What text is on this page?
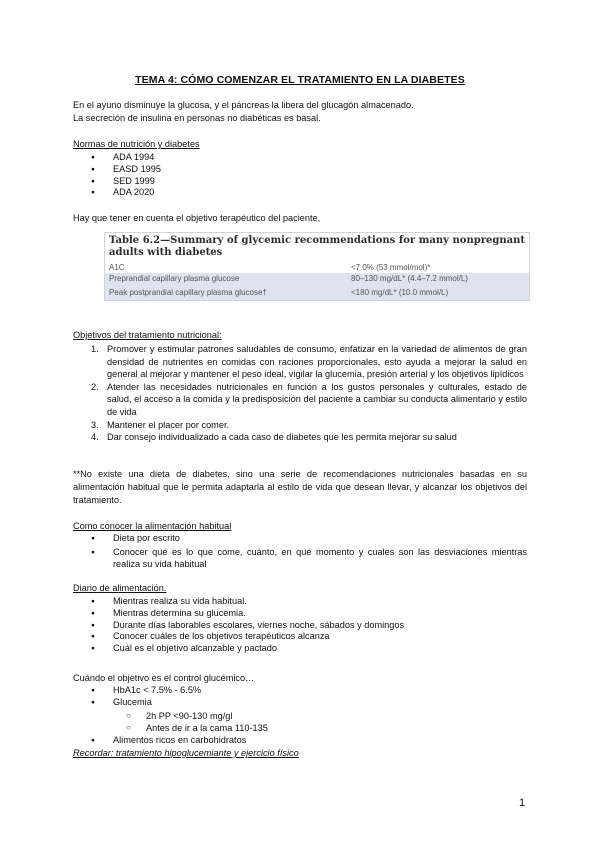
TEMA 4: CÓMO COMENZAR EL TRATAMIENTO EN LA DIABETES
En el ayuno disminuye la glucosa, y el páncreas la libera del glucagón almacenado.
La secreción de insulina en personas no diabéticas es basal.
Normas de nutrición y diabetes
● ADA 1994
● EASD 1995
● SED 1999
● ADA 2020
Hay que tener en cuenta el objetivo terapéutico del paciente,
Table 6.2—Summary of glycemic recommendations for many nonpregnant adults with diabetes
A1C	<7.0% (53 mmol/mol)*
Preprandial capillary plasma glucose	80–130 mg/dL* (4.4–7.2 mmol/L)
Peak postprandial capillary plasma glucose†	<180 mg/dL* (10.0 mmol/L)
Objetivos del tratamiento nutricional:
1. Promover y estimular patrones saludables de consumo, enfatizar en la variedad de alimentos de gran densidad de nutrientes en comidas con raciones proporcionales, esto ayuda a mejorar la salud en general al mejorar y mantener el peso ideal, vigilar la glucemia, presión arterial y los objetivos lipídicos
2. Atender las necesidades nutricionales en función a los gustos personales y culturales, estado de salud, el acceso a la comida y la predisposición del paciente a cambiar su conducta alimentario y estilo de vida
3. Mantener el placer por comer.
4. Dar consejo individualizado a cada caso de diabetes que les permita mejorar su salud
**No existe una dieta de diabetes, sino una serie de recomendaciones nutricionales basadas en su alimentación habitual que le permita adaptarla al estilo de vida que desean llevar, y alcanzar los objetivos del tratamiento.
Como conocer la alimentación habitual
● Dieta por escrito
● Conocer qué es lo que come, cuánto, en qué momento y cuales son las desviaciones mientras realiza su vida habitual
Diario de alimentación.
● Mientras realiza su vida habitual.
● Mientras determina su glucemia.
● Durante días laborables escolares, viernes noche, sábados y domingos
● Conocer cuáles de los objetivos terapéuticos alcanza
● Cuál es el objetivo alcanzable y pactado
Cuándo el objetivo es el control glucémico…
● HbA1c < 7.5% - 6.5%
● Glucemia
○ 2h PP <90-130 mg/gl
○ Antes de ir a la cama 110-135
● Alimentos ricos en carbohidratos
Recordar: tratamiento hipoglucemiante y ejercicio físico
1
